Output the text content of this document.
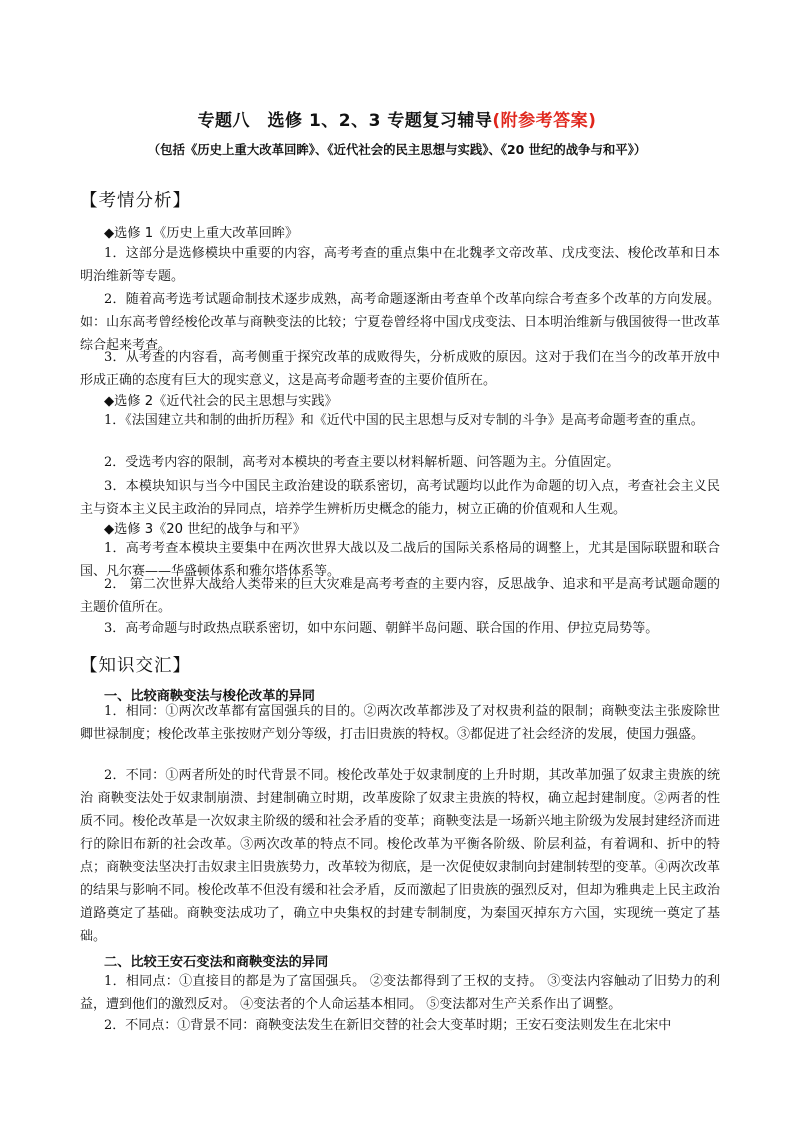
专题八　选修 1、2、3 专题复习辅导(附参考答案)
（包括《历史上重大改革回眸》、《近代社会的民主思想与实践》、《20 世纪的战争与和平》）
【考情分析】
◆选修 1《历史上重大改革回眸》
1．这部分是选修模块中重要的内容，高考考查的重点集中在北魏孝文帝改革、戊戌变法、梭伦改革和日本明治维新等专题。
2．随着高考选考试题命制技术逐步成熟，高考命题逐渐由考查单个改革向综合考查多个改革的方向发展。如：山东高考曾经梭伦改革与商鞅变法的比较；宁夏卷曾经将中国戊戌变法、日本明治维新与俄国彼得一世改革综合起来考查。
3．从考查的内容看，高考侧重于探究改革的成败得失，分析成败的原因。这对于我们在当今的改革开放中形成正确的态度有巨大的现实意义，这是高考命题考查的主要价值所在。
◆选修 2《近代社会的民主思想与实践》
1．《法国建立共和制的曲折历程》和《近代中国的民主思想与反对专制的斗争》是高考命题考查的重点。
2．受选考内容的限制，高考对本模块的考查主要以材料解析题、问答题为主。分值固定。
3．本模块知识与当今中国民主政治建设的联系密切，高考试题均以此作为命题的切入点，考查社会主义民主与资本主义民主政治的异同点，培养学生辨析历史概念的能力，树立正确的价值观和人生观。
◆选修 3《20 世纪的战争与和平》
1．高考考查本模块主要集中在两次世界大战以及二战后的国际关系格局的调整上，尤其是国际联盟和联合国、凡尔赛——华盛顿体系和雅尔塔体系等。
2． 第二次世界大战给人类带来的巨大灾难是高考考查的主要内容，反思战争、追求和平是高考试题命题的主题价值所在。
3．高考命题与时政热点联系密切，如中东问题、朝鲜半岛问题、联合国的作用、伊拉克局势等。
【知识交汇】
一、比较商鞅变法与梭伦改革的异同
1．相同：①两次改革都有富国强兵的目的。②两次改革都涉及了对权贵利益的限制；商鞅变法主张废除世卿世禄制度；梭伦改革主张按财产划分等级，打击旧贵族的特权。③都促进了社会经济的发展，使国力强盛。
2．不同：①两者所处的时代背景不同。梭伦改革处于奴隶制度的上升时期，其改革加强了奴隶主贵族的统治 商鞅变法处于奴隶制崩溃、封建制确立时期，改革废除了奴隶主贵族的特权，确立起封建制度。②两者的性质不同。梭伦改革是一次奴隶主阶级的缓和社会矛盾的变革；商鞅变法是一场新兴地主阶级为发展封建经济而进行的除旧布新的社会改革。③两次改革的特点不同。梭伦改革为平衡各阶级、阶层利益，有着调和、折中的特点；商鞅变法坚决打击奴隶主旧贵族势力，改革较为彻底，是一次促使奴隶制向封建制转型的变革。④两次改革的结果与影响不同。梭伦改革不但没有缓和社会矛盾，反而激起了旧贵族的强烈反对，但却为雅典走上民主政治道路奠定了基础。商鞅变法成功了，确立中央集权的封建专制制度，为秦国灭掉东方六国，实现统一奠定了基础。
二、比较王安石变法和商鞅变法的异同
1．相同点：①直接目的都是为了富国强兵。 ②变法都得到了王权的支持。 ③变法内容触动了旧势力的利益，遭到他们的激烈反对。 ④变法者的个人命运基本相同。 ⑤变法都对生产关系作出了调整。
2．不同点：①背景不同：商鞅变法发生在新旧交替的社会大变革时期；王安石变法则发生在北宋中
